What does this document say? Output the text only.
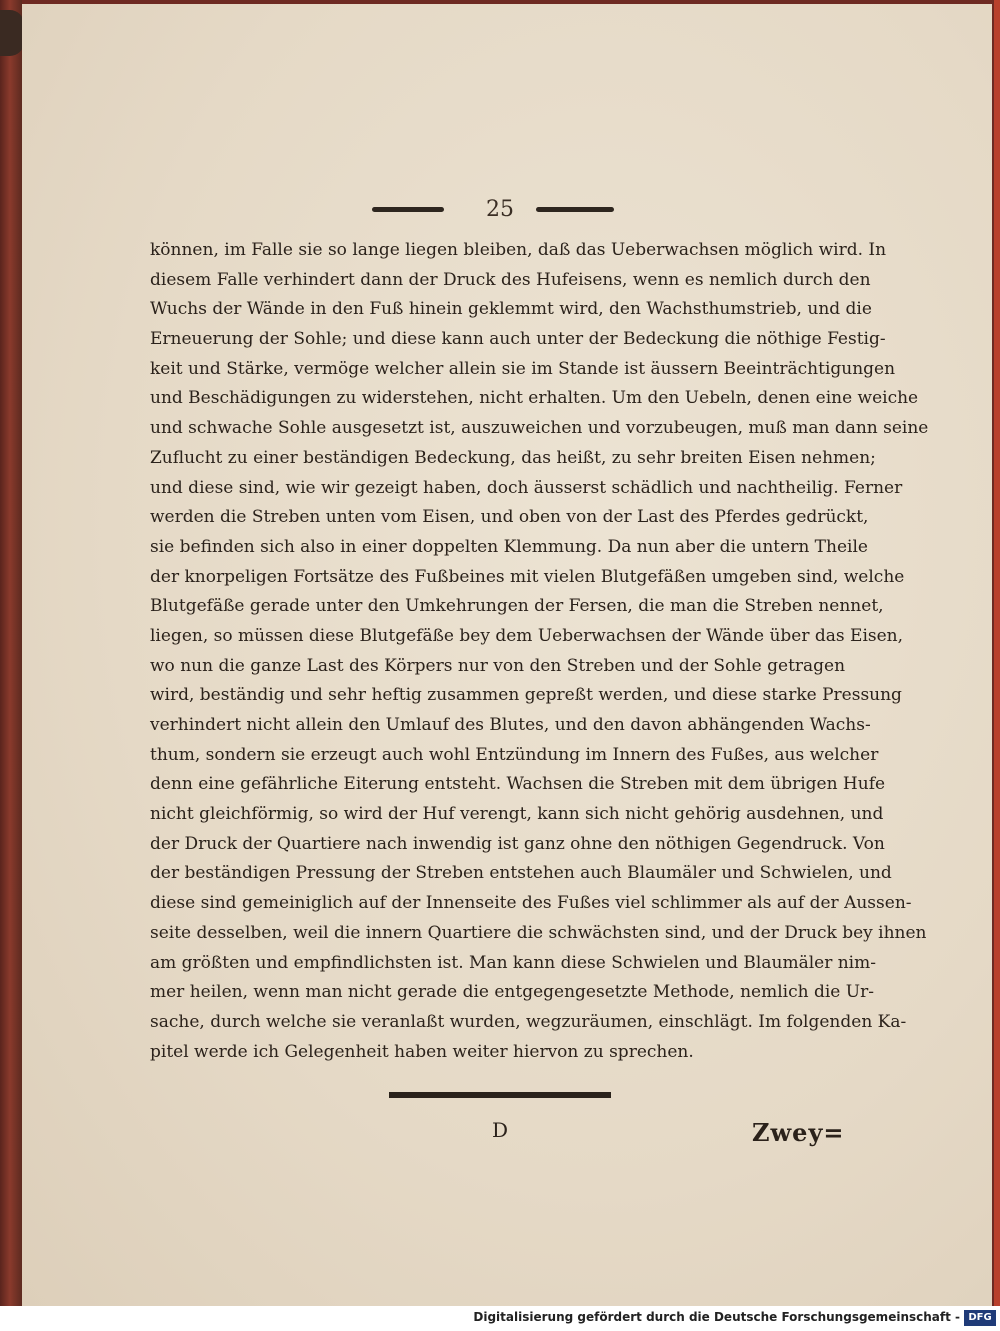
25
können, im Falle sie so lange liegen bleiben, daß das Ueberwachsen möglich wird. In
diesem Falle verhindert dann der Druck des Hufeisens, wenn es nemlich durch den
Wuchs der Wände in den Fuß hinein geklemmt wird, den Wachsthumstrieb, und die
Erneuerung der Sohle; und diese kann auch unter der Bedeckung die nöthige Festig-
keit und Stärke, vermöge welcher allein sie im Stande ist äussern Beeinträchtigungen
und Beschädigungen zu widerstehen, nicht erhalten. Um den Uebeln, denen eine weiche
und schwache Sohle ausgesetzt ist, auszuweichen und vorzubeugen, muß man dann seine
Zuflucht zu einer beständigen Bedeckung, das heißt, zu sehr breiten Eisen nehmen;
und diese sind, wie wir gezeigt haben, doch äusserst schädlich und nachtheilig. Ferner
werden die Streben unten vom Eisen, und oben von der Last des Pferdes gedrückt,
sie befinden sich also in einer doppelten Klemmung. Da nun aber die untern Theile
der knorpeligen Fortsätze des Fußbeines mit vielen Blutgefäßen umgeben sind, welche
Blutgefäße gerade unter den Umkehrungen der Fersen, die man die Streben nennet,
liegen, so müssen diese Blutgefäße bey dem Ueberwachsen der Wände über das Eisen,
wo nun die ganze Last des Körpers nur von den Streben und der Sohle getragen
wird, beständig und sehr heftig zusammen gepreßt werden, und diese starke Pressung
verhindert nicht allein den Umlauf des Blutes, und den davon abhängenden Wachs-
thum, sondern sie erzeugt auch wohl Entzündung im Innern des Fußes, aus welcher
denn eine gefährliche Eiterung entsteht. Wachsen die Streben mit dem übrigen Hufe
nicht gleichförmig, so wird der Huf verengt, kann sich nicht gehörig ausdehnen, und
der Druck der Quartiere nach inwendig ist ganz ohne den nöthigen Gegendruck. Von
der beständigen Pressung der Streben entstehen auch Blaumäler und Schwielen, und
diese sind gemeiniglich auf der Innenseite des Fußes viel schlimmer als auf der Aussen-
seite desselben, weil die innern Quartiere die schwächsten sind, und der Druck bey ihnen
am größten und empfindlichsten ist. Man kann diese Schwielen und Blaumäler nim-
mer heilen, wenn man nicht gerade die entgegengesetzte Methode, nemlich die Ur-
sache, durch welche sie veranlaßt wurden, wegzuräumen, einschlägt. Im folgenden Ka-
pitel werde ich Gelegenheit haben weiter hiervon zu sprechen.
D	Zwey=
Digitalisierung gefördert durch die Deutsche Forschungsgemeinschaft - DFG
